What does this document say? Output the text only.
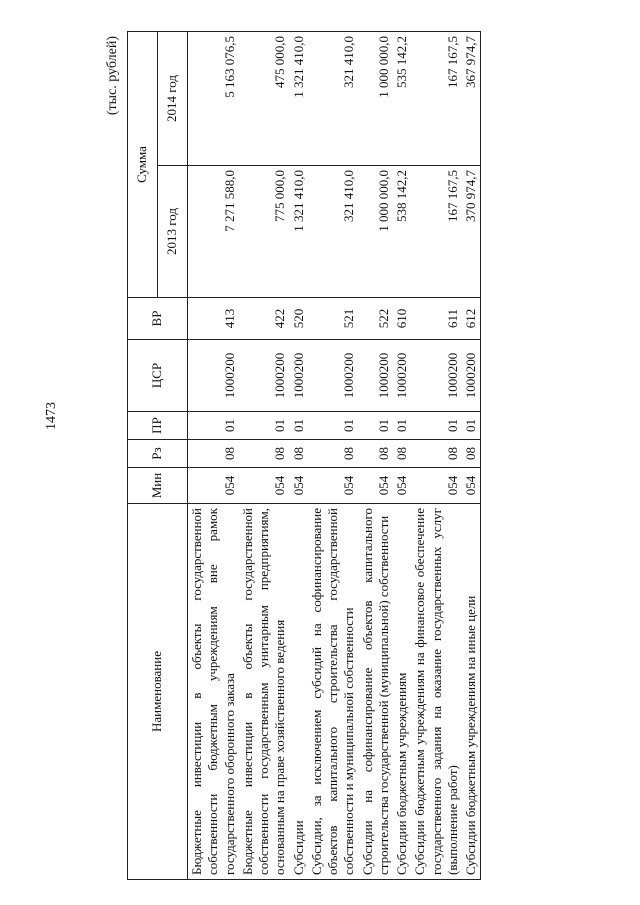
1473
(тыс. рублей)
Наименование	Мин	Рз	ПР	ЦСР	ВР	Сумма	
						2013 год	2014 год
Бюджетные инвестиции в объекты государственной собственности бюджетным учреждениям вне рамок государственного оборонного заказа	054	08	01	1000200	413	7 271 588,0	5 163 076,5
Бюджетные инвестиции в объекты государственной собственности государственным унитарным предприятиям, основанным на праве хозяйственного ведения	054	08	01	1000200	422	775 000,0	475 000,0
Субсидии	054	08	01	1000200	520	1 321 410,0	1 321 410,0
Субсидии, за исключением субсидий на софинансирование объектов капитального строительства государственной собственности и муниципальной собственности	054	08	01	1000200	521	321 410,0	321 410,0
Субсидии на софинансирование объектов капитального строительства государственной (муниципальной) собственности	054	08	01	1000200	522	1 000 000,0	1 000 000,0
Субсидии бюджетным учреждениям	054	08	01	1000200	610	538 142,2	535 142,2
Субсидии бюджетным учреждениям на финансовое обеспечение государственного задания на оказание государственных услуг (выполнение работ)	054	08	01	1000200	611	167 167,5	167 167,5
Субсидии бюджетным учреждениям на иные цели	054	08	01	1000200	612	370 974,7	367 974,7
